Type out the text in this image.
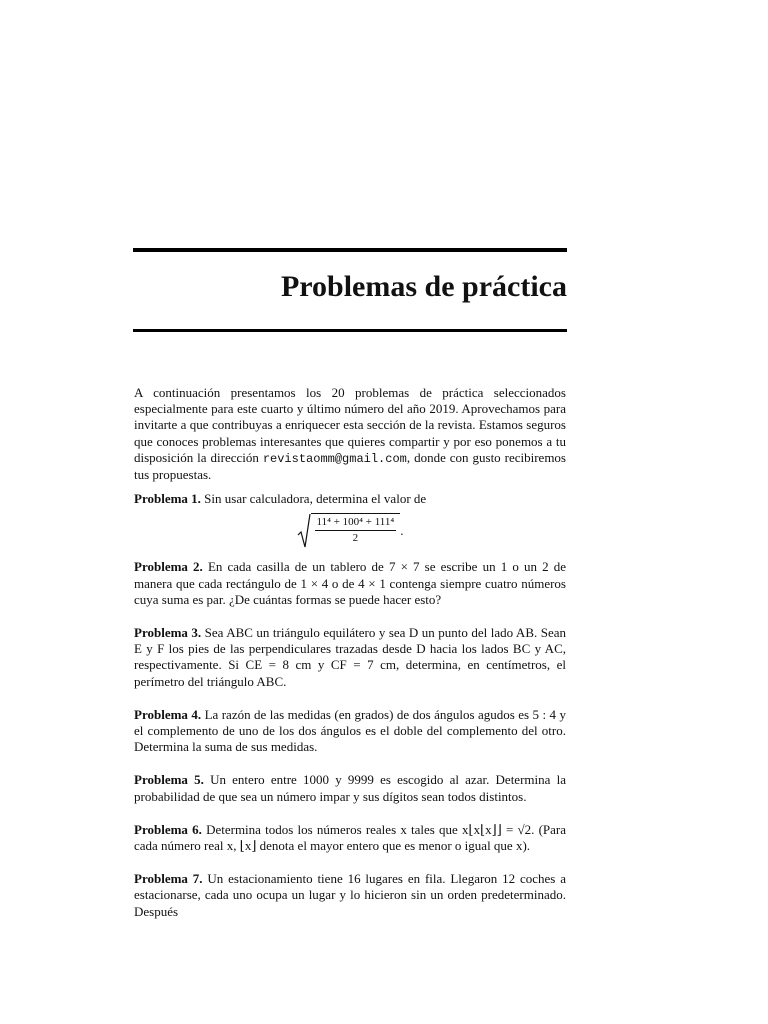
Problemas de práctica

A continuación presentamos los 20 problemas de práctica seleccionados especialmente para este cuarto y último número del año 2019. Aprovechamos para invitarte a que contribuyas a enriquecer esta sección de la revista. Estamos seguros que conoces problemas interesantes que quieres compartir y por eso ponemos a tu disposición la dirección revistaomm@gmail.com, donde con gusto recibiremos tus propuestas.

Problema 1. Sin usar calculadora, determina el valor de

$\frac{\text{11⁴ + 100⁴ + 111⁴}}{2}$ .

Problema 2. En cada casilla de un tablero de 7 × 7 se escribe un 1 o un 2 de manera que cada rectángulo de 1 × 4 o de 4 × 1 contenga siempre cuatro números cuya suma es par. ¿De cuántas formas se puede hacer esto?

Problema 3. Sea ABC un triángulo equilátero y sea D un punto del lado AB. Sean E y F los pies de las perpendiculares trazadas desde D hacia los lados BC y AC, respectivamente. Si CE = 8 cm y CF = 7 cm, determina, en centímetros, el perímetro del triángulo ABC.

Problema 4. La razón de las medidas (en grados) de dos ángulos agudos es 5 : 4 y el complemento de uno de los dos ángulos es el doble del complemento del otro. Determina la suma de sus medidas.

Problema 5. Un entero entre 1000 y 9999 es escogido al azar. Determina la probabilidad de que sea un número impar y sus dígitos sean todos distintos.

Problema 6. Determina todos los números reales x tales que x⌊x⌊x⌋⌋ = √2. (Para cada número real x, ⌊x⌋ denota el mayor entero que es menor o igual que x).

Problema 7. Un estacionamiento tiene 16 lugares en fila. Llegaron 12 coches a estacionarse, cada uno ocupa un lugar y lo hicieron sin un orden predeterminado. Después
